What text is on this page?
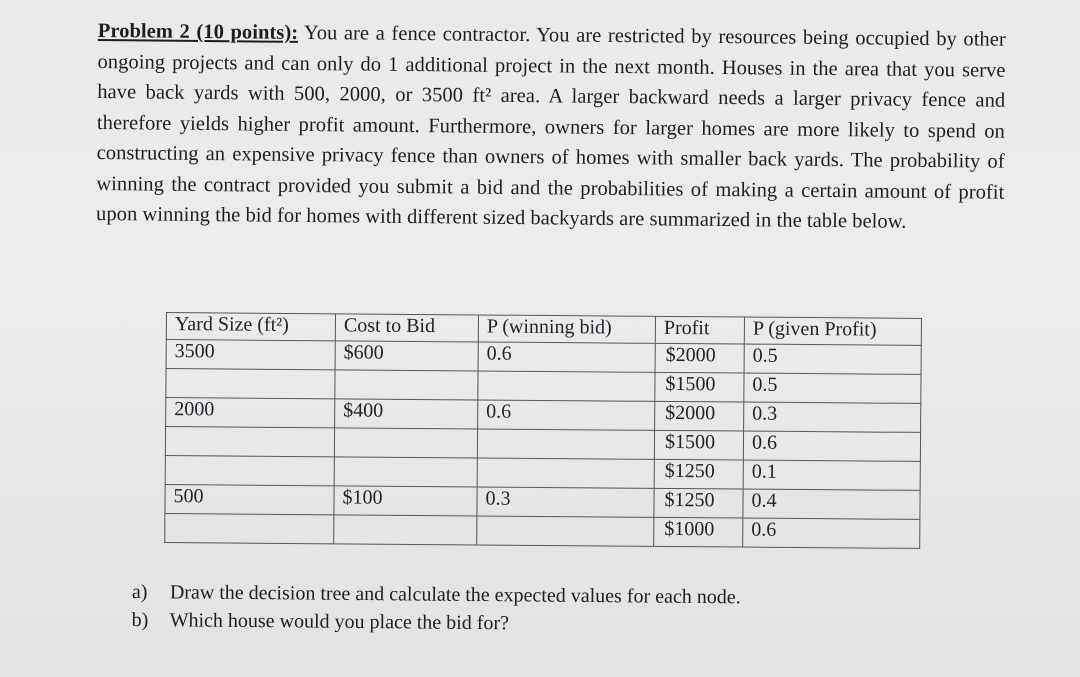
Problem 2 (10 points): You are a fence contractor. You are restricted by resources being occupied by other ongoing projects and can only do 1 additional project in the next month. Houses in the area that you serve have back yards with 500, 2000, or 3500 ft² area. A larger backward needs a larger privacy fence and therefore yields higher profit amount. Furthermore, owners for larger homes are more likely to spend on constructing an expensive privacy fence than owners of homes with smaller back yards. The probability of winning the contract provided you submit a bid and the probabilities of making a certain amount of profit upon winning the bid for homes with different sized backyards are summarized in the table below.
Yard Size (ft²)	Cost to Bid	P (winning bid)	Profit	P (given Profit)
3500	$600	0.6	$2000	0.5
			$1500	0.5
2000	$400	0.6	$2000	0.3
			$1500	0.6
			$1250	0.1
500	$100	0.3	$1250	0.4
			$1000	0.6
a) Draw the decision tree and calculate the expected values for each node.
b) Which house would you place the bid for?
